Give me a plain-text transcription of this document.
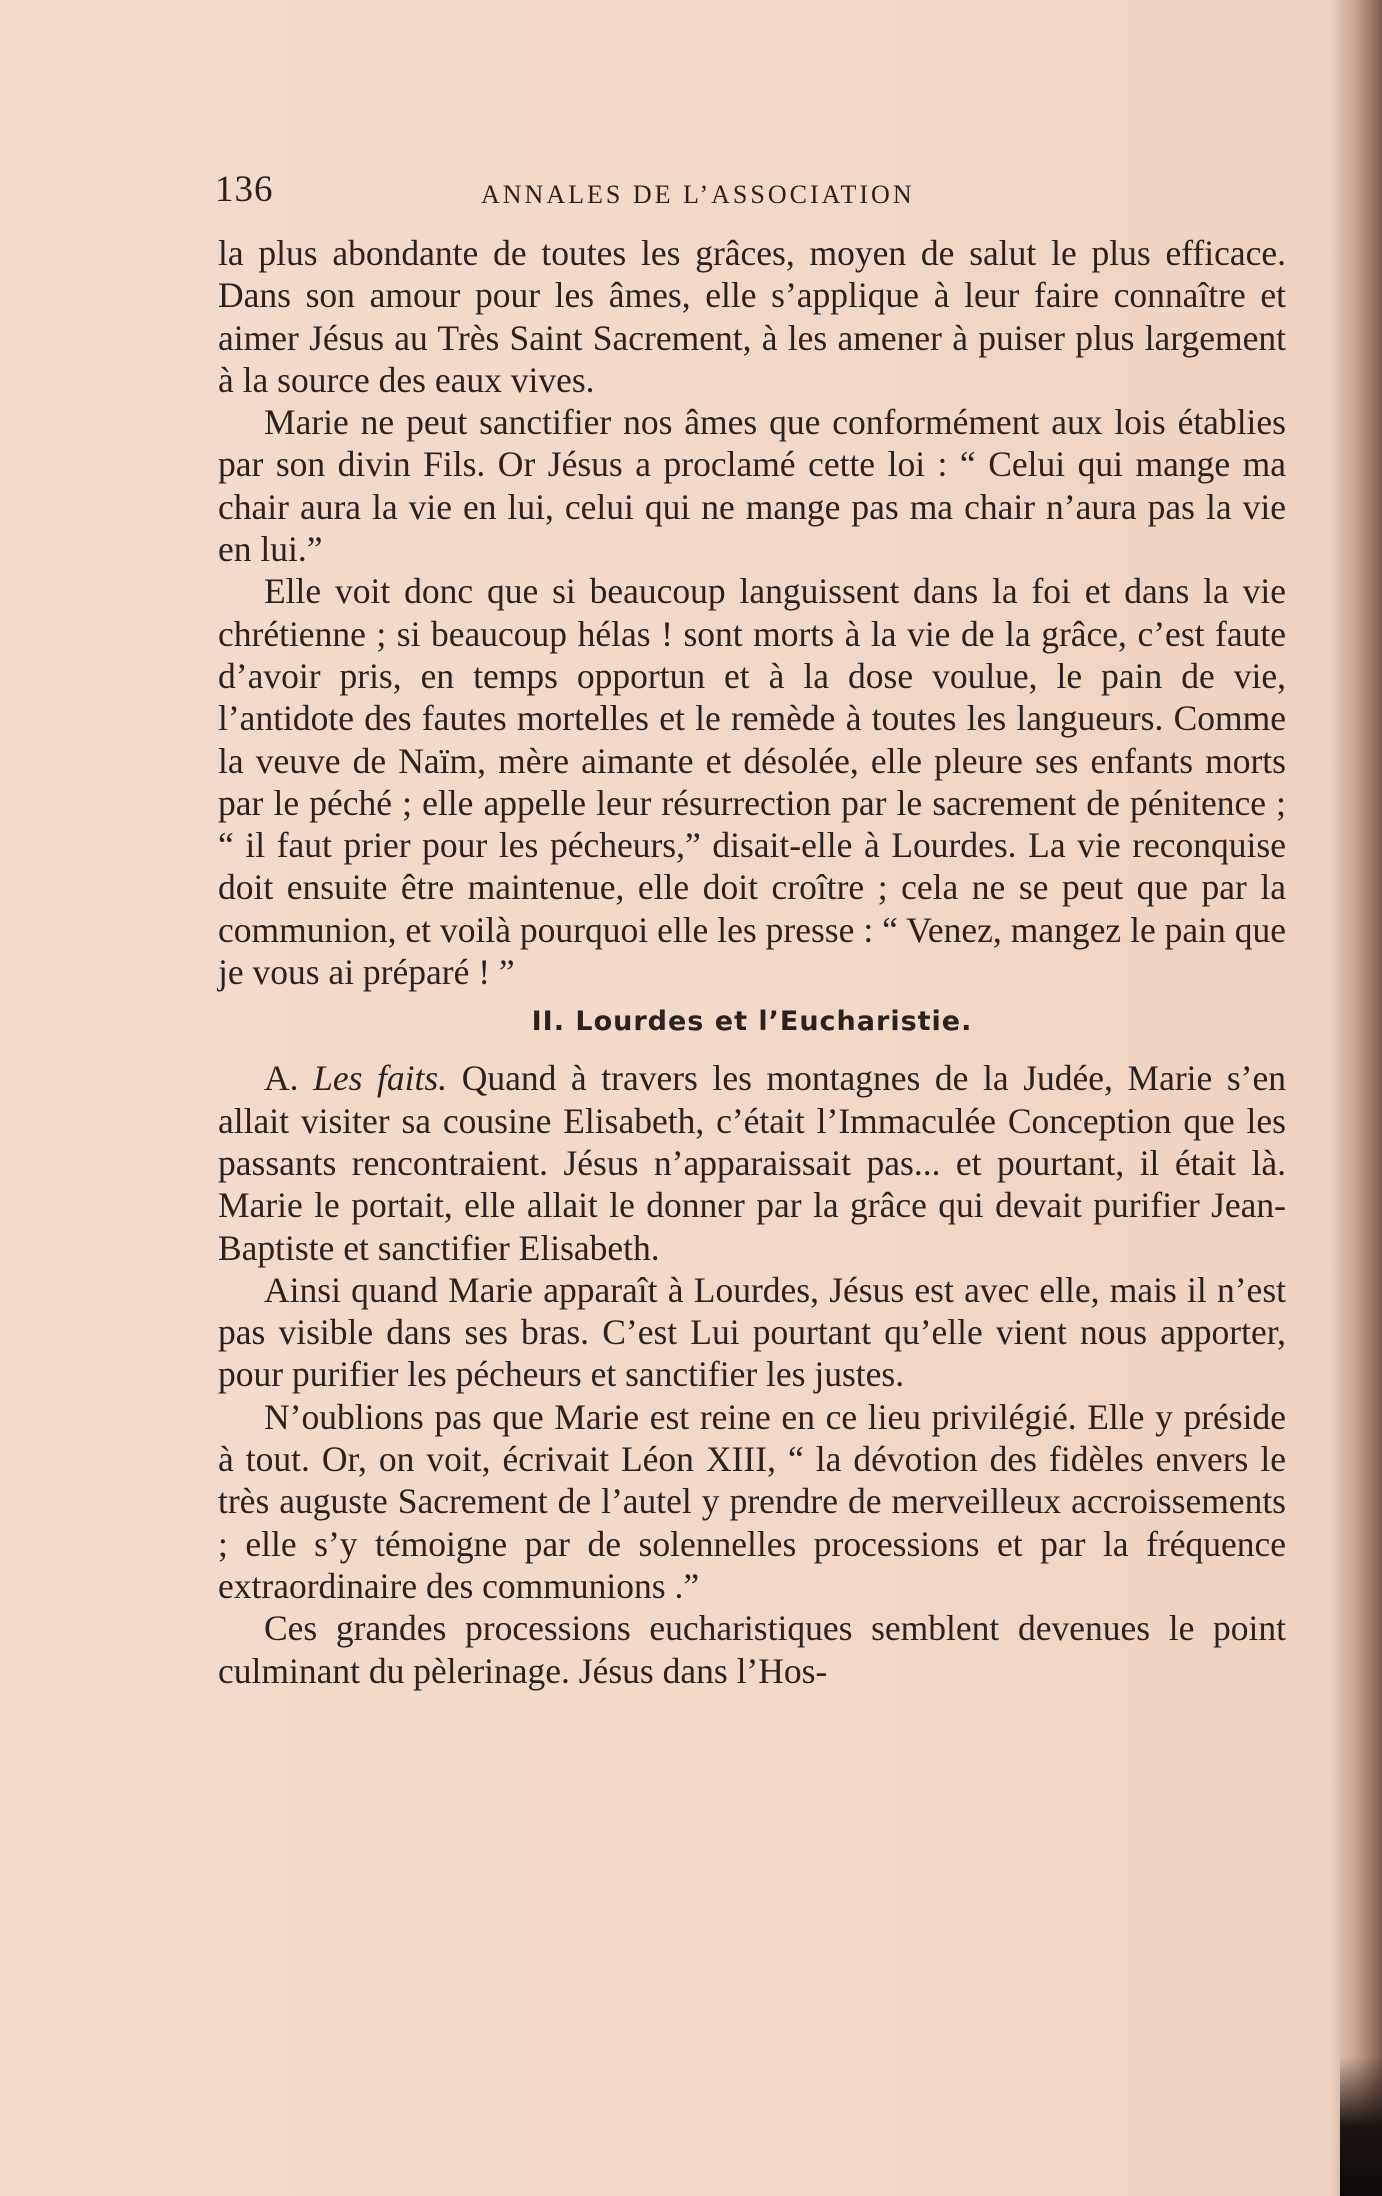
136	ANNALES DE L’ASSOCIATION

la plus abondante de toutes les grâces, moyen de salut le plus efficace. Dans son amour pour les âmes, elle s’applique à leur faire connaître et aimer Jésus au Très Saint Sacrement, à les amener à puiser plus largement à la source des eaux vives.

Marie ne peut sanctifier nos âmes que conformément aux lois établies par son divin Fils. Or Jésus a proclamé cette loi : “ Celui qui mange ma chair aura la vie en lui, celui qui ne mange pas ma chair n’aura pas la vie en lui.”

Elle voit donc que si beaucoup languissent dans la foi et dans la vie chrétienne ; si beaucoup hélas ! sont morts à la vie de la grâce, c’est faute d’avoir pris, en temps opportun et à la dose voulue, le pain de vie, l’antidote des fautes mortelles et le remède à toutes les langueurs. Comme la veuve de Naïm, mère aimante et désolée, elle pleure ses enfants morts par le péché ; elle appelle leur résurrection par le sacrement de pénitence ; “ il faut prier pour les pécheurs,” disait-elle à Lourdes. La vie reconquise doit ensuite être maintenue, elle doit croître ; cela ne se peut que par la communion, et voilà pourquoi elle les presse : “ Venez, mangez le pain que je vous ai préparé ! ”

II. Lourdes et l’Eucharistie.

A. Les faits. Quand à travers les montagnes de la Judée, Marie s’en allait visiter sa cousine Elisabeth, c’était l’Immaculée Conception que les passants rencontraient. Jésus n’apparaissait pas... et pourtant, il était là. Marie le portait, elle allait le donner par la grâce qui devait purifier Jean-Baptiste et sanctifier Elisabeth.

Ainsi quand Marie apparaît à Lourdes, Jésus est avec elle, mais il n’est pas visible dans ses bras. C’est Lui pourtant qu’elle vient nous apporter, pour purifier les pécheurs et sanctifier les justes.

N’oublions pas que Marie est reine en ce lieu privilégié. Elle y préside à tout. Or, on voit, écrivait Léon XIII, “ la dévotion des fidèles envers le très auguste Sacrement de l’autel y prendre de merveilleux accroissements ; elle s’y témoigne par de solennelles processions et par la fréquence extraordinaire des communions .”

Ces grandes processions eucharistiques semblent devenues le point culminant du pèlerinage. Jésus dans l’Hos-
